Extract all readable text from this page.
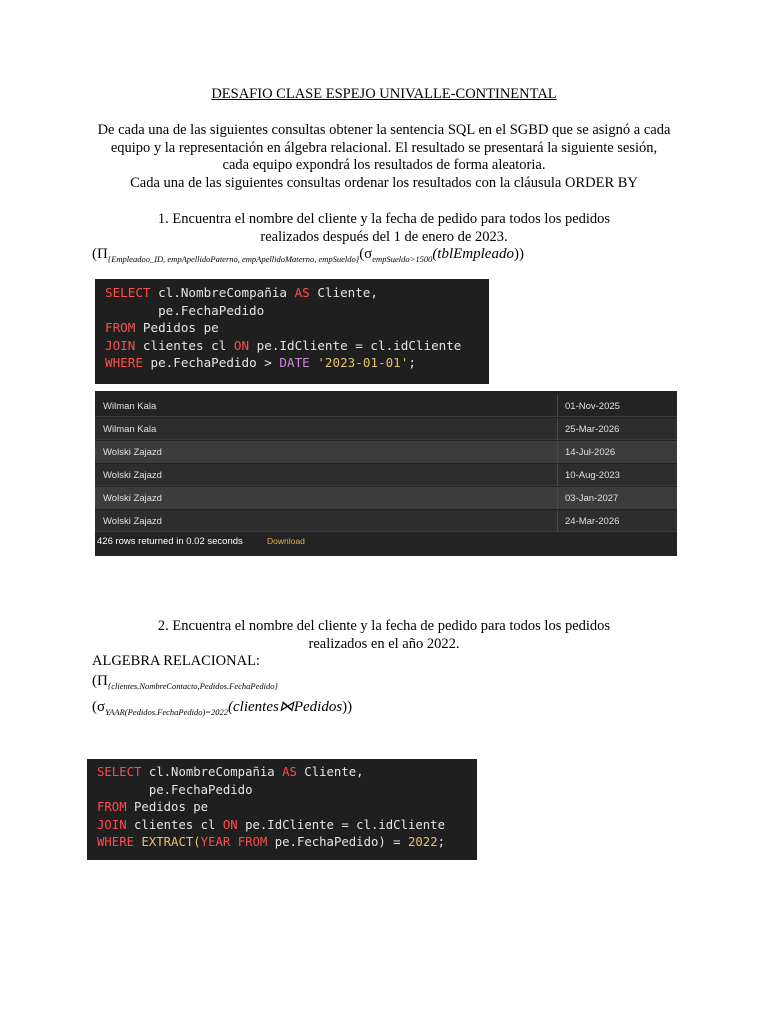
DESAFIO CLASE ESPEJO UNIVALLE-CONTINENTAL
De cada una de las siguientes consultas obtener la sentencia SQL en el SGBD que se asignó a cada
equipo y la representación en álgebra relacional. El resultado se presentará la siguiente sesión,
cada equipo expondrá los resultados de forma aleatoria.
Cada una de las siguientes consultas ordenar los resultados con la cláusula ORDER BY
1. Encuentra el nombre del cliente y la fecha de pedido para todos los pedidos
realizados después del 1 de enero de 2023.
($\Pi_{\{Empleadoo\_ID, empApellidoPaterno, empApellidoMaterno, empSueldo\}}(\sigma_{empSueldo>1500}(tblEmpleado))$
SELECT cl.NombreCompañia AS Cliente,
pe.FechaPedido
FROM Pedidos pe
JOIN clientes cl ON pe.IdCliente = cl.idCliente
WHERE pe.FechaPedido > DATE '2023-01-01';
Wilman Kala	01-Nov-2025
Wilman Kala	25-Mar-2026
Wolski Zajazd	14-Jul-2026
Wolski Zajazd	10-Aug-2023
Wolski Zajazd	03-Jan-2027
Wolski Zajazd	24-Mar-2026
426 rows returned in 0.02 seconds	Download
2. Encuentra el nombre del cliente y la fecha de pedido para todos los pedidos
realizados en el año 2022.
ALGEBRA RELACIONAL:
($\Pi_{\{clientes.NombreContacto,Pedidos.FechaPedido\}}$
$(\sigma_{YAAR(Pedidos.FechaPedido)=2022}(clientes⋈Pedidos))$
SELECT cl.NombreCompañia AS Cliente,
pe.FechaPedido
FROM Pedidos pe
JOIN clientes cl ON pe.IdCliente = cl.idCliente
WHERE EXTRACT(YEAR FROM pe.FechaPedido) = 2022;
